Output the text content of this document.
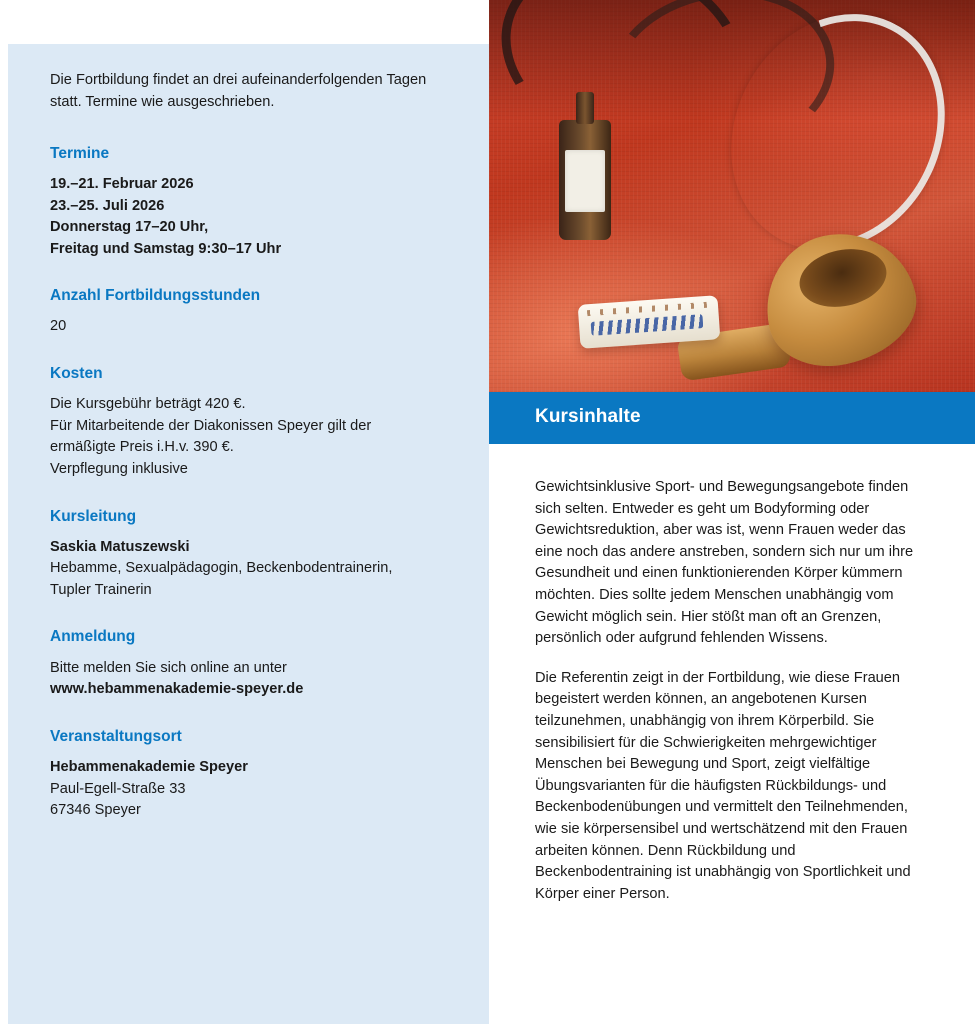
Die Fortbildung findet an drei aufeinanderfolgenden Tagen statt. Termine wie ausgeschrieben.

Termine

19.–21. Februar 2026

23.–25. Juli 2026

Donnerstag 17–20 Uhr,

Freitag und Samstag 9:30–17 Uhr

Anzahl Fortbildungsstunden

20

Kosten

Die Kursgebühr beträgt 420 €.

Für Mitarbeitende der Diakonissen Speyer gilt der

ermäßigte Preis i.H.v. 390 €.

Verpflegung inklusive

Kursleitung

Saskia Matuszewski

Hebamme, Sexualpädagogin, Beckenbodentrainerin,

Tupler Trainerin

Anmeldung

Bitte melden Sie sich online an unter

www.hebammenakademie-speyer.de

Veranstaltungsort

Hebammenakademie Speyer

Paul-Egell-Straße 33

67346 Speyer

Kursinhalte

Gewichtsinklusive Sport- und Bewegungsangebote finden sich selten. Entweder es geht um Bodyforming oder Gewichtsreduktion, aber was ist, wenn Frauen weder das eine noch das andere anstreben, sondern sich nur um ihre Gesundheit und einen funktionierenden Körper kümmern möchten. Dies sollte jedem Menschen unabhängig vom Gewicht möglich sein. Hier stößt man oft an Grenzen, persönlich oder aufgrund fehlenden Wissens.

Die Referentin zeigt in der Fortbildung, wie diese Frauen begeistert werden können, an angebotenen Kursen teilzunehmen, unabhängig von ihrem Körperbild. Sie sensibilisiert für die Schwierigkeiten mehrgewichtiger Menschen bei Bewegung und Sport, zeigt vielfältige Übungsvarianten für die häufigsten Rückbildungs- und Beckenbodenübungen und vermittelt den Teilnehmenden, wie sie körpersensibel und wertschätzend mit den Frauen arbeiten können. Denn Rückbildung und Beckenbodentraining ist unabhängig von Sportlichkeit und Körper einer Person.
